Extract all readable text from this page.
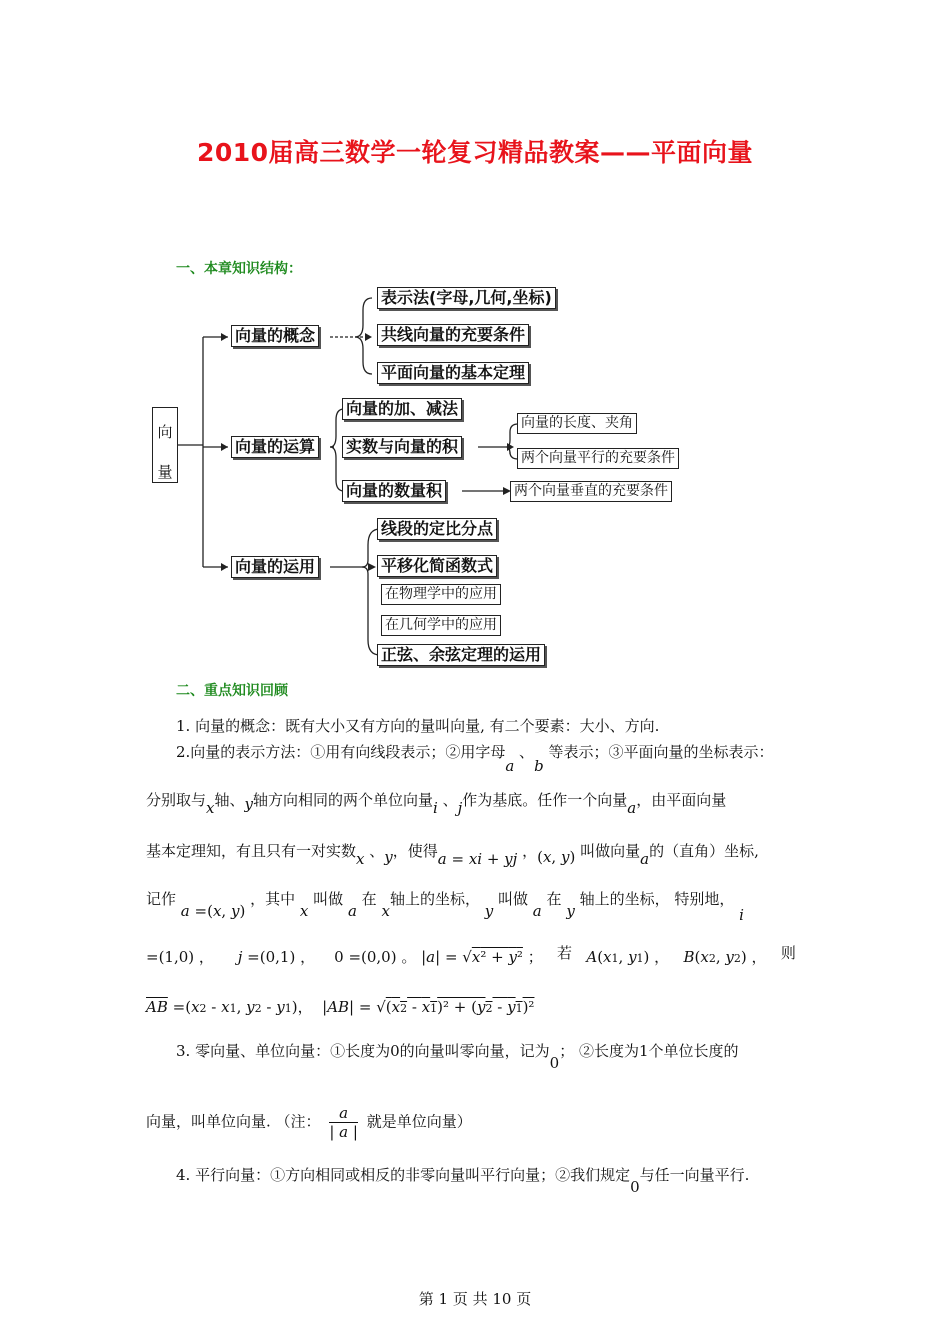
2010届高三数学一轮复习精品教案——平面向量
一、本章知识结构：
向

量
向量的概念
表示法(字母,几何,坐标)
共线向量的充要条件
平面向量的基本定理
向量的运算
向量的加、减法
实数与向量的积
向量的数量积
向量的长度、夹角
两个向量平行的充要条件
两个向量垂直的充要条件
向量的运用
线段的定比分点
平移化简函数式
在物理学中的应用
在几何学中的应用
正弦、余弦定理的运用
二、重点知识回顾
1. 向量的概念：既有大小又有方向的量叫向量, 有二个要素：大小、方向.
2.向量的表示方法：①用有向线段表示；②用字母a 、b 等表示；③平面向量的坐标表示：
分别取与x轴、y轴方向相同的两个单位向量i 、j作为基底。任作一个向量a，由平面向量
基本定理知，有且只有一对实数x 、y，使得a = xi + yj ，(x, y) 叫做向量a的（直角）坐标,
记作 a =(x, y) ，其中 x 叫做 a 在 x轴上的坐标， y 叫做 a 在 y 轴上的坐标， 特别地， i
=(1,0) ，     j =(0,1) ，    0 =(0,0) 。 |a| = √x² + y² ；   若 A(x1, y1) ，   B(x2, y2) ，   则
$\overline{AB} =(x2 - x1$, y2 - y1)，  |AB| = √(x2 - x1)² + (y2 - y1)²
3. 零向量、单位向量：①长度为0的向量叫零向量，记为0； ②长度为1个单位长度的
向量，叫单位向量. （注： $\frac{a}{| a |}$ 就是单位向量）
4. 平行向量：①方向相同或相反的非零向量叫平行向量；②我们规定0与任一向量平行.
第 1 页 共 10 页
